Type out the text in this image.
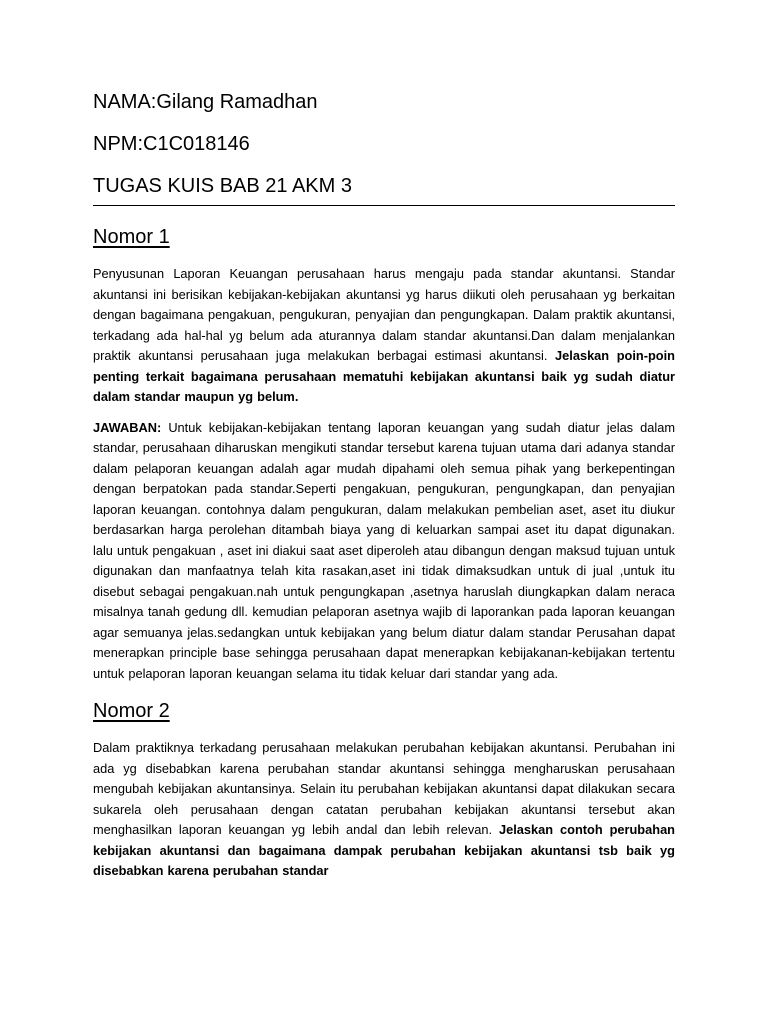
NAMA:Gilang Ramadhan

NPM:C1C018146

TUGAS KUIS BAB 21 AKM 3

Nomor 1

Penyusunan Laporan Keuangan perusahaan harus mengaju pada standar akuntansi. Standar akuntansi ini berisikan kebijakan-kebijakan akuntansi yg harus diikuti oleh perusahaan yg berkaitan dengan bagaimana pengakuan, pengukuran, penyajian dan pengungkapan. Dalam praktik akuntansi, terkadang ada hal-hal yg belum ada aturannya dalam standar akuntansi.Dan dalam menjalankan praktik akuntansi perusahaan juga melakukan berbagai estimasi akuntansi. Jelaskan poin-poin penting terkait bagaimana perusahaan mematuhi kebijakan akuntansi baik yg sudah diatur dalam standar maupun yg belum.

JAWABAN: Untuk kebijakan-kebijakan tentang laporan keuangan yang sudah diatur jelas dalam standar, perusahaan diharuskan mengikuti standar tersebut karena tujuan utama dari adanya standar dalam pelaporan keuangan adalah agar mudah dipahami oleh semua pihak yang berkepentingan dengan berpatokan pada standar.Seperti pengakuan, pengukuran, pengungkapan, dan penyajian laporan keuangan. contohnya dalam pengukuran, dalam melakukan pembelian aset, aset itu diukur berdasarkan harga perolehan ditambah biaya yang di keluarkan sampai aset itu dapat digunakan. lalu untuk pengakuan , aset ini diakui saat aset diperoleh atau dibangun dengan maksud tujuan untuk digunakan dan manfaatnya telah kita rasakan,aset ini tidak dimaksudkan untuk di jual ,untuk itu disebut sebagai pengakuan.nah untuk pengungkapan ,asetnya haruslah diungkapkan dalam neraca misalnya tanah gedung dll. kemudian pelaporan asetnya wajib di laporankan pada laporan keuangan agar semuanya jelas.sedangkan untuk kebijakan yang belum diatur dalam standar Perusahan dapat menerapkan principle base sehingga perusahaan dapat menerapkan kebijakanan-kebijakan tertentu untuk pelaporan laporan keuangan selama itu tidak keluar dari standar yang ada.

Nomor 2

Dalam praktiknya terkadang perusahaan melakukan perubahan kebijakan akuntansi. Perubahan ini ada yg disebabkan karena perubahan standar akuntansi sehingga mengharuskan perusahaan mengubah kebijakan akuntansinya. Selain itu perubahan kebijakan akuntansi dapat dilakukan secara sukarela oleh perusahaan dengan catatan perubahan kebijakan akuntansi tersebut akan menghasilkan laporan keuangan yg lebih andal dan lebih relevan. Jelaskan contoh perubahan kebijakan akuntansi dan bagaimana dampak perubahan kebijakan akuntansi tsb baik yg disebabkan karena perubahan standar
